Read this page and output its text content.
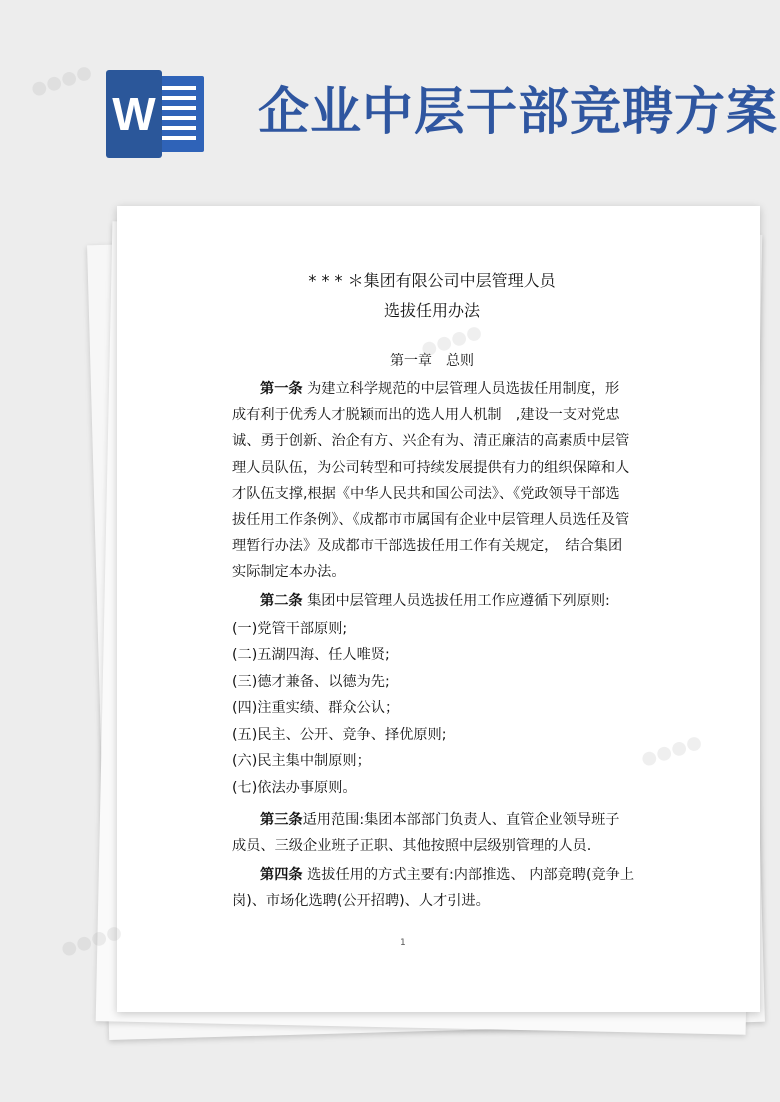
W 企业中层干部竞聘方案
* * * ＊集团有限公司中层管理人员
选拔任用办法
第一章　总则
第一条 为建立科学规范的中层管理人员选拔任用制度，形
成有利于优秀人才脱颖而出的选人用人机制　,建设一支对党忠
诚、勇于创新、治企有方、兴企有为、清正廉洁的高素质中层管
理人员队伍，为公司转型和可持续发展提供有力的组织保障和人
才队伍支撑,根据《中华人民共和国公司法》、《党政领导干部选
拔任用工作条例》、《成都市市属国有企业中层管理人员选任及管
理暂行办法》及成都市干部选拔任用工作有关规定，　结合集团
实际制定本办法。
第二条 集团中层管理人员选拔任用工作应遵循下列原则:
(一)党管干部原则;
(二)五湖四海、任人唯贤;
(三)德才兼备、以德为先;
(四)注重实绩、群众公认；
(五)民主、公开、竞争、择优原则;
(六)民主集中制原则；
(七)依法办事原则。
第三条适用范围:集团本部部门负责人、直管企业领导班子
成员、三级企业班子正职、其他按照中层级别管理的人员.
第四条 选拔任用的方式主要有:内部推选、 内部竞聘(竞争上
岗)、市场化选聘(公开招聘)、人才引进。
1
●●●●
●●●●
